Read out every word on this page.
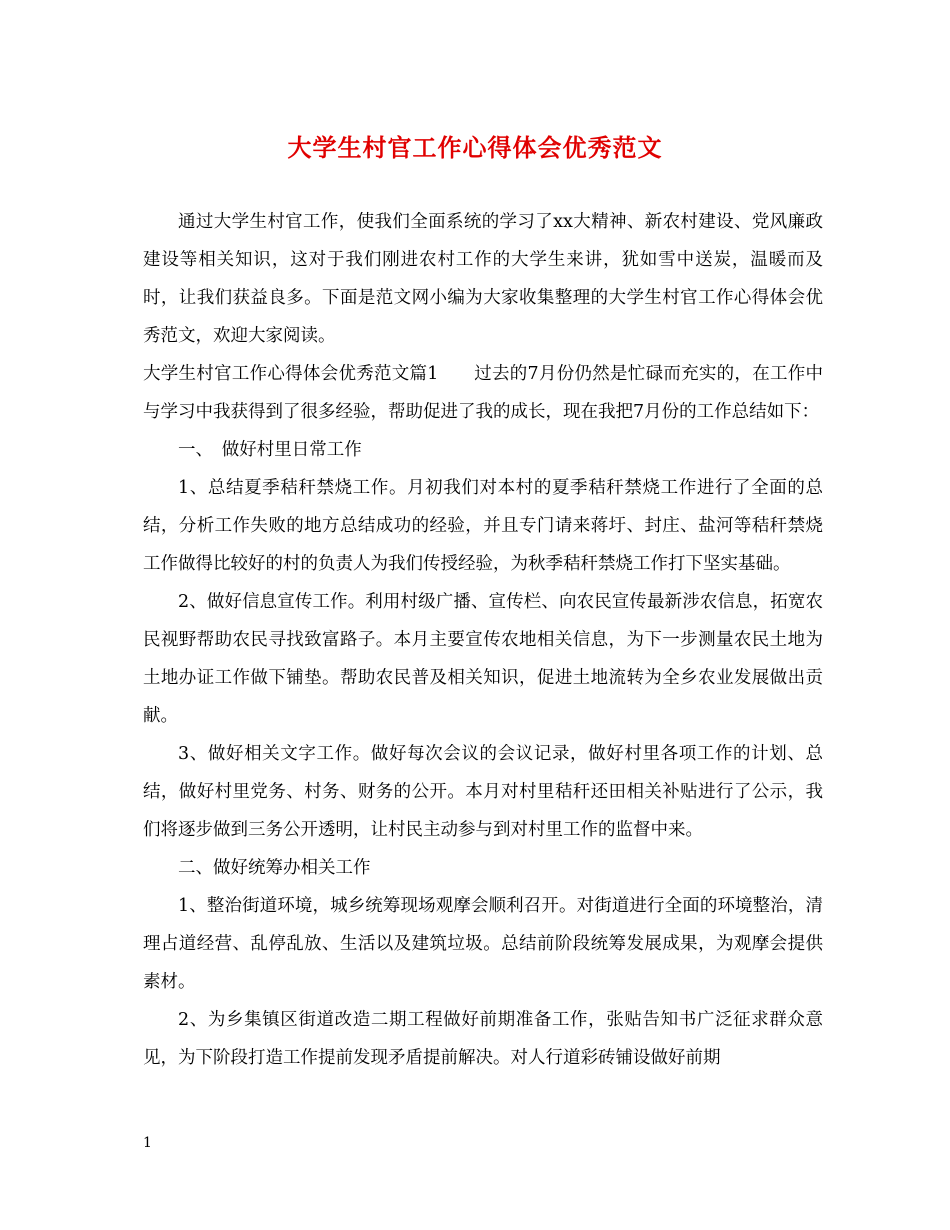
大学生村官工作心得体会优秀范文

通过大学生村官工作，使我们全面系统的学习了xx大精神、新农村建设、党风廉政建设等相关知识，这对于我们刚进农村工作的大学生来讲，犹如雪中送炭，温暖而及时，让我们获益良多。下面是范文网小编为大家收集整理的大学生村官工作心得体会优秀范文，欢迎大家阅读。

大学生村官工作心得体会优秀范文篇1　　过去的7月份仍然是忙碌而充实的，在工作中与学习中我获得到了很多经验，帮助促进了我的成长，现在我把7月份的工作总结如下：

一、　做好村里日常工作

1、总结夏季秸秆禁烧工作。月初我们对本村的夏季秸秆禁烧工作进行了全面的总结，分析工作失败的地方总结成功的经验，并且专门请来蒋圩、封庄、盐河等秸秆禁烧工作做得比较好的村的负责人为我们传授经验，为秋季秸秆禁烧工作打下坚实基础。

2、做好信息宣传工作。利用村级广播、宣传栏、向农民宣传最新涉农信息，拓宽农民视野帮助农民寻找致富路子。本月主要宣传农地相关信息，为下一步测量农民土地为土地办证工作做下铺垫。帮助农民普及相关知识，促进土地流转为全乡农业发展做出贡献。

3、做好相关文字工作。做好每次会议的会议记录，做好村里各项工作的计划、总结，做好村里党务、村务、财务的公开。本月对村里秸秆还田相关补贴进行了公示，我们将逐步做到三务公开透明，让村民主动参与到对村里工作的监督中来。

二、做好统筹办相关工作

1、整治街道环境，城乡统筹现场观摩会顺利召开。对街道进行全面的环境整治，清理占道经营、乱停乱放、生活以及建筑垃圾。总结前阶段统筹发展成果，为观摩会提供素材。

2、为乡集镇区街道改造二期工程做好前期准备工作，张贴告知书广泛征求群众意见，为下阶段打造工作提前发现矛盾提前解决。对人行道彩砖铺设做好前期

1
